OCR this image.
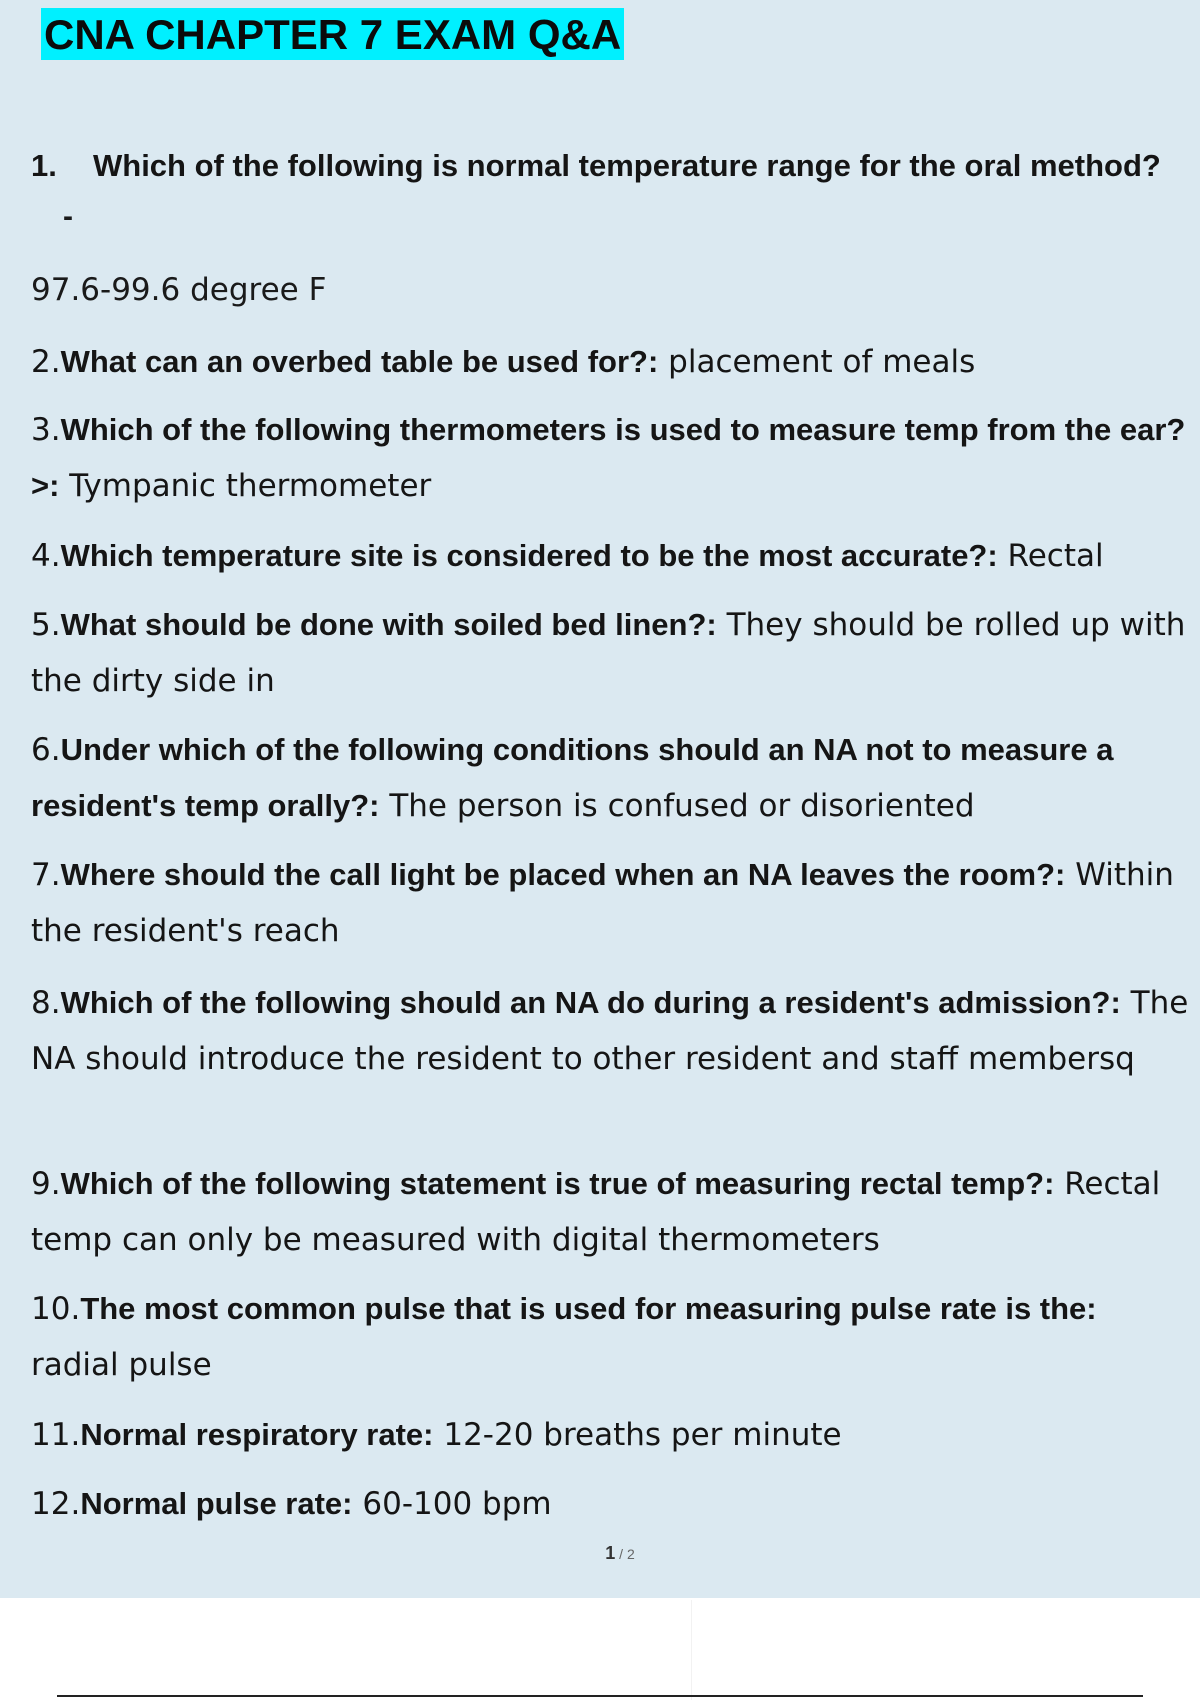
CNA CHAPTER 7 EXAM Q&A
1. Which of the following is normal temperature range for the oral method?
-
97.6-99.6 degree F
2.What can an overbed table be used for?: placement of meals
3.Which of the following thermometers is used to measure temp from the ear?>: Tympanic thermometer
4.Which temperature site is considered to be the most accurate?: Rectal
5.What should be done with soiled bed linen?: They should be rolled up with the dirty side in
6.Under which of the following conditions should an NA not to measure a resident's temp orally?: The person is confused or disoriented
7.Where should the call light be placed when an NA leaves the room?: Within the resident's reach
8.Which of the following should an NA do during a resident's admission?: The NA should introduce the resident to other resident and staff membersq
9.Which of the following statement is true of measuring rectal temp?: Rectal temp can only be measured with digital thermometers
10.The most common pulse that is used for measuring pulse rate is the: radial pulse
11.Normal respiratory rate: 12-20 breaths per minute
12.Normal pulse rate: 60-100 bpm
1 / 2
